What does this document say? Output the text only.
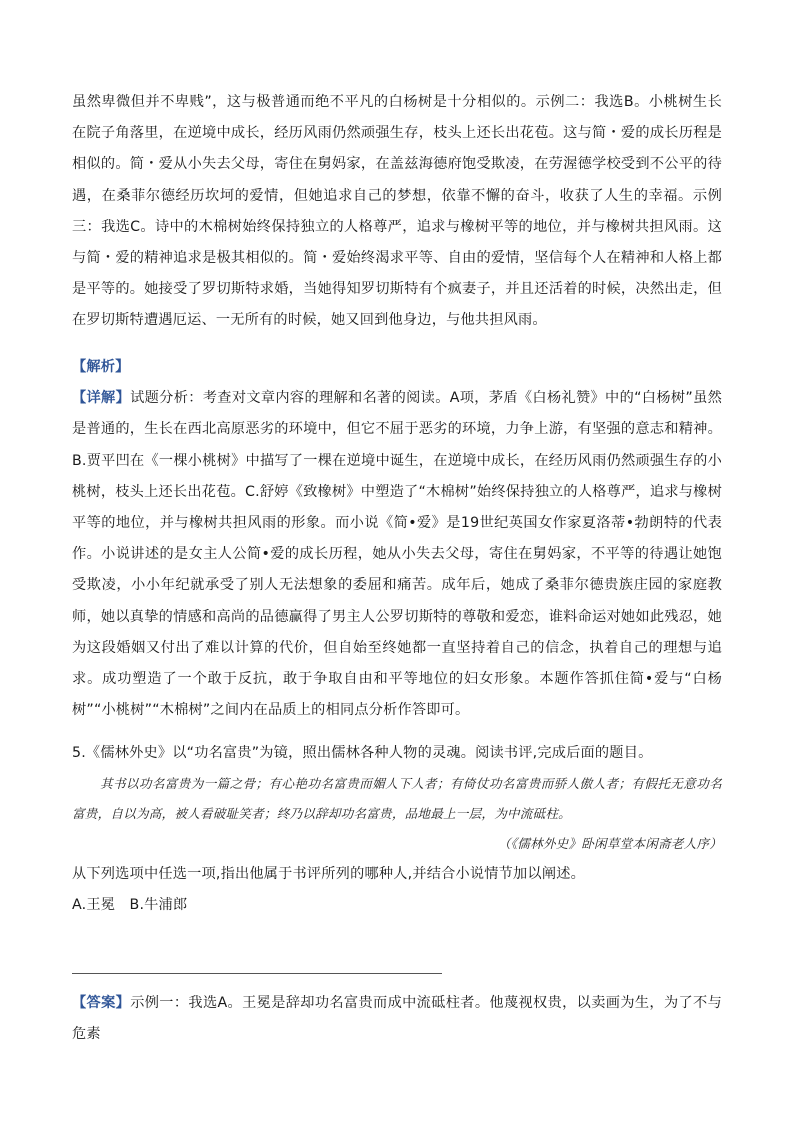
虽然卑微但并不卑贱”，这与极普通而绝不平凡的白杨树是十分相似的。示例二：我选B。小桃树生长在院子角落里，在逆境中成长，经历风雨仍然顽强生存，枝头上还长出花苞。这与简・爱的成长历程是相似的。简・爱从小失去父母，寄住在舅妈家，在盖兹海德府饱受欺凌，在劳渥德学校受到不公平的待遇，在桑菲尔德经历坎坷的爱情，但她追求自己的梦想，依靠不懈的奋斗，收获了人生的幸福。示例三：我选C。诗中的木棉树始终保持独立的人格尊严，追求与橡树平等的地位，并与橡树共担风雨。这与简・爱的精神追求是极其相似的。简・爱始终渴求平等、自由的爱情，坚信每个人在精神和人格上都是平等的。她接受了罗切斯特求婚，当她得知罗切斯特有个疯妻子，并且还活着的时候，决然出走，但在罗切斯特遭遇厄运、一无所有的时候，她又回到他身边，与他共担风雨。

【解析】

【详解】试题分析：考查对文章内容的理解和名著的阅读。A项，茅盾《白杨礼赞》中的“白杨树”虽然是普通的，生长在西北高原恶劣的环境中，但它不屈于恶劣的环境，力争上游，有坚强的意志和精神。B.贾平凹在《一棵小桃树》中描写了一棵在逆境中诞生，在逆境中成长，在经历风雨仍然顽强生存的小桃树，枝头上还长出花苞。C.舒婷《致橡树》中塑造了“木棉树”始终保持独立的人格尊严，追求与橡树平等的地位，并与橡树共担风雨的形象。而小说《简•爱》是19世纪英国女作家夏洛蒂•勃朗特的代表作。小说讲述的是女主人公简•爱的成长历程，她从小失去父母，寄住在舅妈家，不平等的待遇让她饱受欺凌，小小年纪就承受了别人无法想象的委屈和痛苦。成年后，她成了桑菲尔德贵族庄园的家庭教师，她以真挚的情感和高尚的品德赢得了男主人公罗切斯特的尊敬和爱恋，谁料命运对她如此残忍，她为这段婚姻又付出了难以计算的代价，但自始至终她都一直坚持着自己的信念，执着自己的理想与追求。成功塑造了一个敢于反抗，敢于争取自由和平等地位的妇女形象。本题作答抓住简•爱与“白杨树”“小桃树”“木棉树”之间内在品质上的相同点分析作答即可。

5.《儒林外史》以“功名富贵”为镜，照出儒林各种人物的灵魂。阅读书评,完成后面的题目。

其书以功名富贵为一篇之骨；有心艳功名富贵而媚人下人者；有倚仗功名富贵而骄人傲人者；有假托无意功名富贵，自以为高，被人看破耻笑者；终乃以辞却功名富贵，品地最上一层，为中流砥柱。

（《儒林外史》卧闲草堂本闲斋老人序）

从下列选项中任选一项,指出他属于书评所列的哪种人,并结合小说情节加以阐述。

A.王冕　B.牛浦郎

【答案】示例一：我选A。王冕是辞却功名富贵而成中流砥柱者。他蔑视权贵，以卖画为生，为了不与危素
